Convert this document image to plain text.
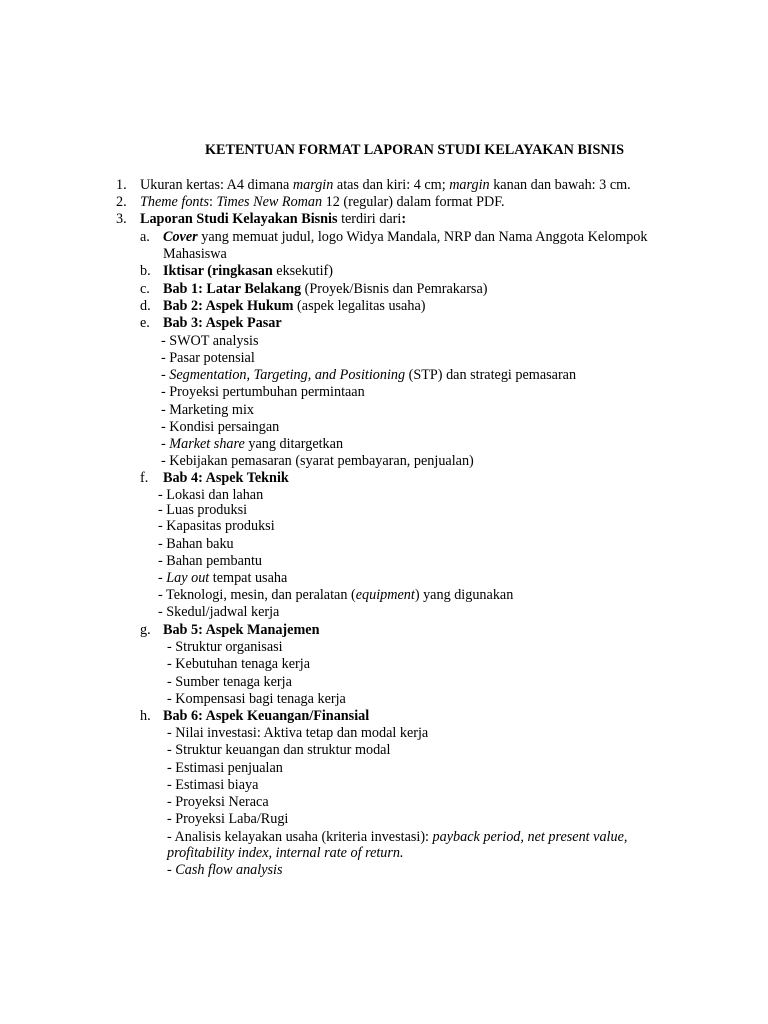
KETENTUAN FORMAT LAPORAN STUDI KELAYAKAN BISNIS
1. Ukuran kertas: A4 dimana margin atas dan kiri: 4 cm; margin kanan dan bawah: 3 cm.
2. Theme fonts: Times New Roman 12 (regular) dalam format PDF.
3. Laporan Studi Kelayakan Bisnis terdiri dari:
a. Cover yang memuat judul, logo Widya Mandala, NRP dan Nama Anggota Kelompok
Mahasiswa
b. Iktisar (ringkasan eksekutif)
c. Bab 1: Latar Belakang (Proyek/Bisnis dan Pemrakarsa)
d. Bab 2: Aspek Hukum (aspek legalitas usaha)
e. Bab 3: Aspek Pasar
- SWOT analysis
- Pasar potensial
- Segmentation, Targeting, and Positioning (STP) dan strategi pemasaran
- Proyeksi pertumbuhan permintaan
- Marketing mix
- Kondisi persaingan
- Market share yang ditargetkan
- Kebijakan pemasaran (syarat pembayaran, penjualan)
f. Bab 4: Aspek Teknik
- Lokasi dan lahan
- Luas produksi
- Kapasitas produksi
- Bahan baku
- Bahan pembantu
- Lay out tempat usaha
- Teknologi, mesin, dan peralatan (equipment) yang digunakan
- Skedul/jadwal kerja
g. Bab 5: Aspek Manajemen
- Struktur organisasi
- Kebutuhan tenaga kerja
- Sumber tenaga kerja
- Kompensasi bagi tenaga kerja
h. Bab 6: Aspek Keuangan/Finansial
- Nilai investasi: Aktiva tetap dan modal kerja
- Struktur keuangan dan struktur modal
- Estimasi penjualan
- Estimasi biaya
- Proyeksi Neraca
- Proyeksi Laba/Rugi
- Analisis kelayakan usaha (kriteria investasi): payback period, net present value,
profitability index, internal rate of return.
- Cash flow analysis
